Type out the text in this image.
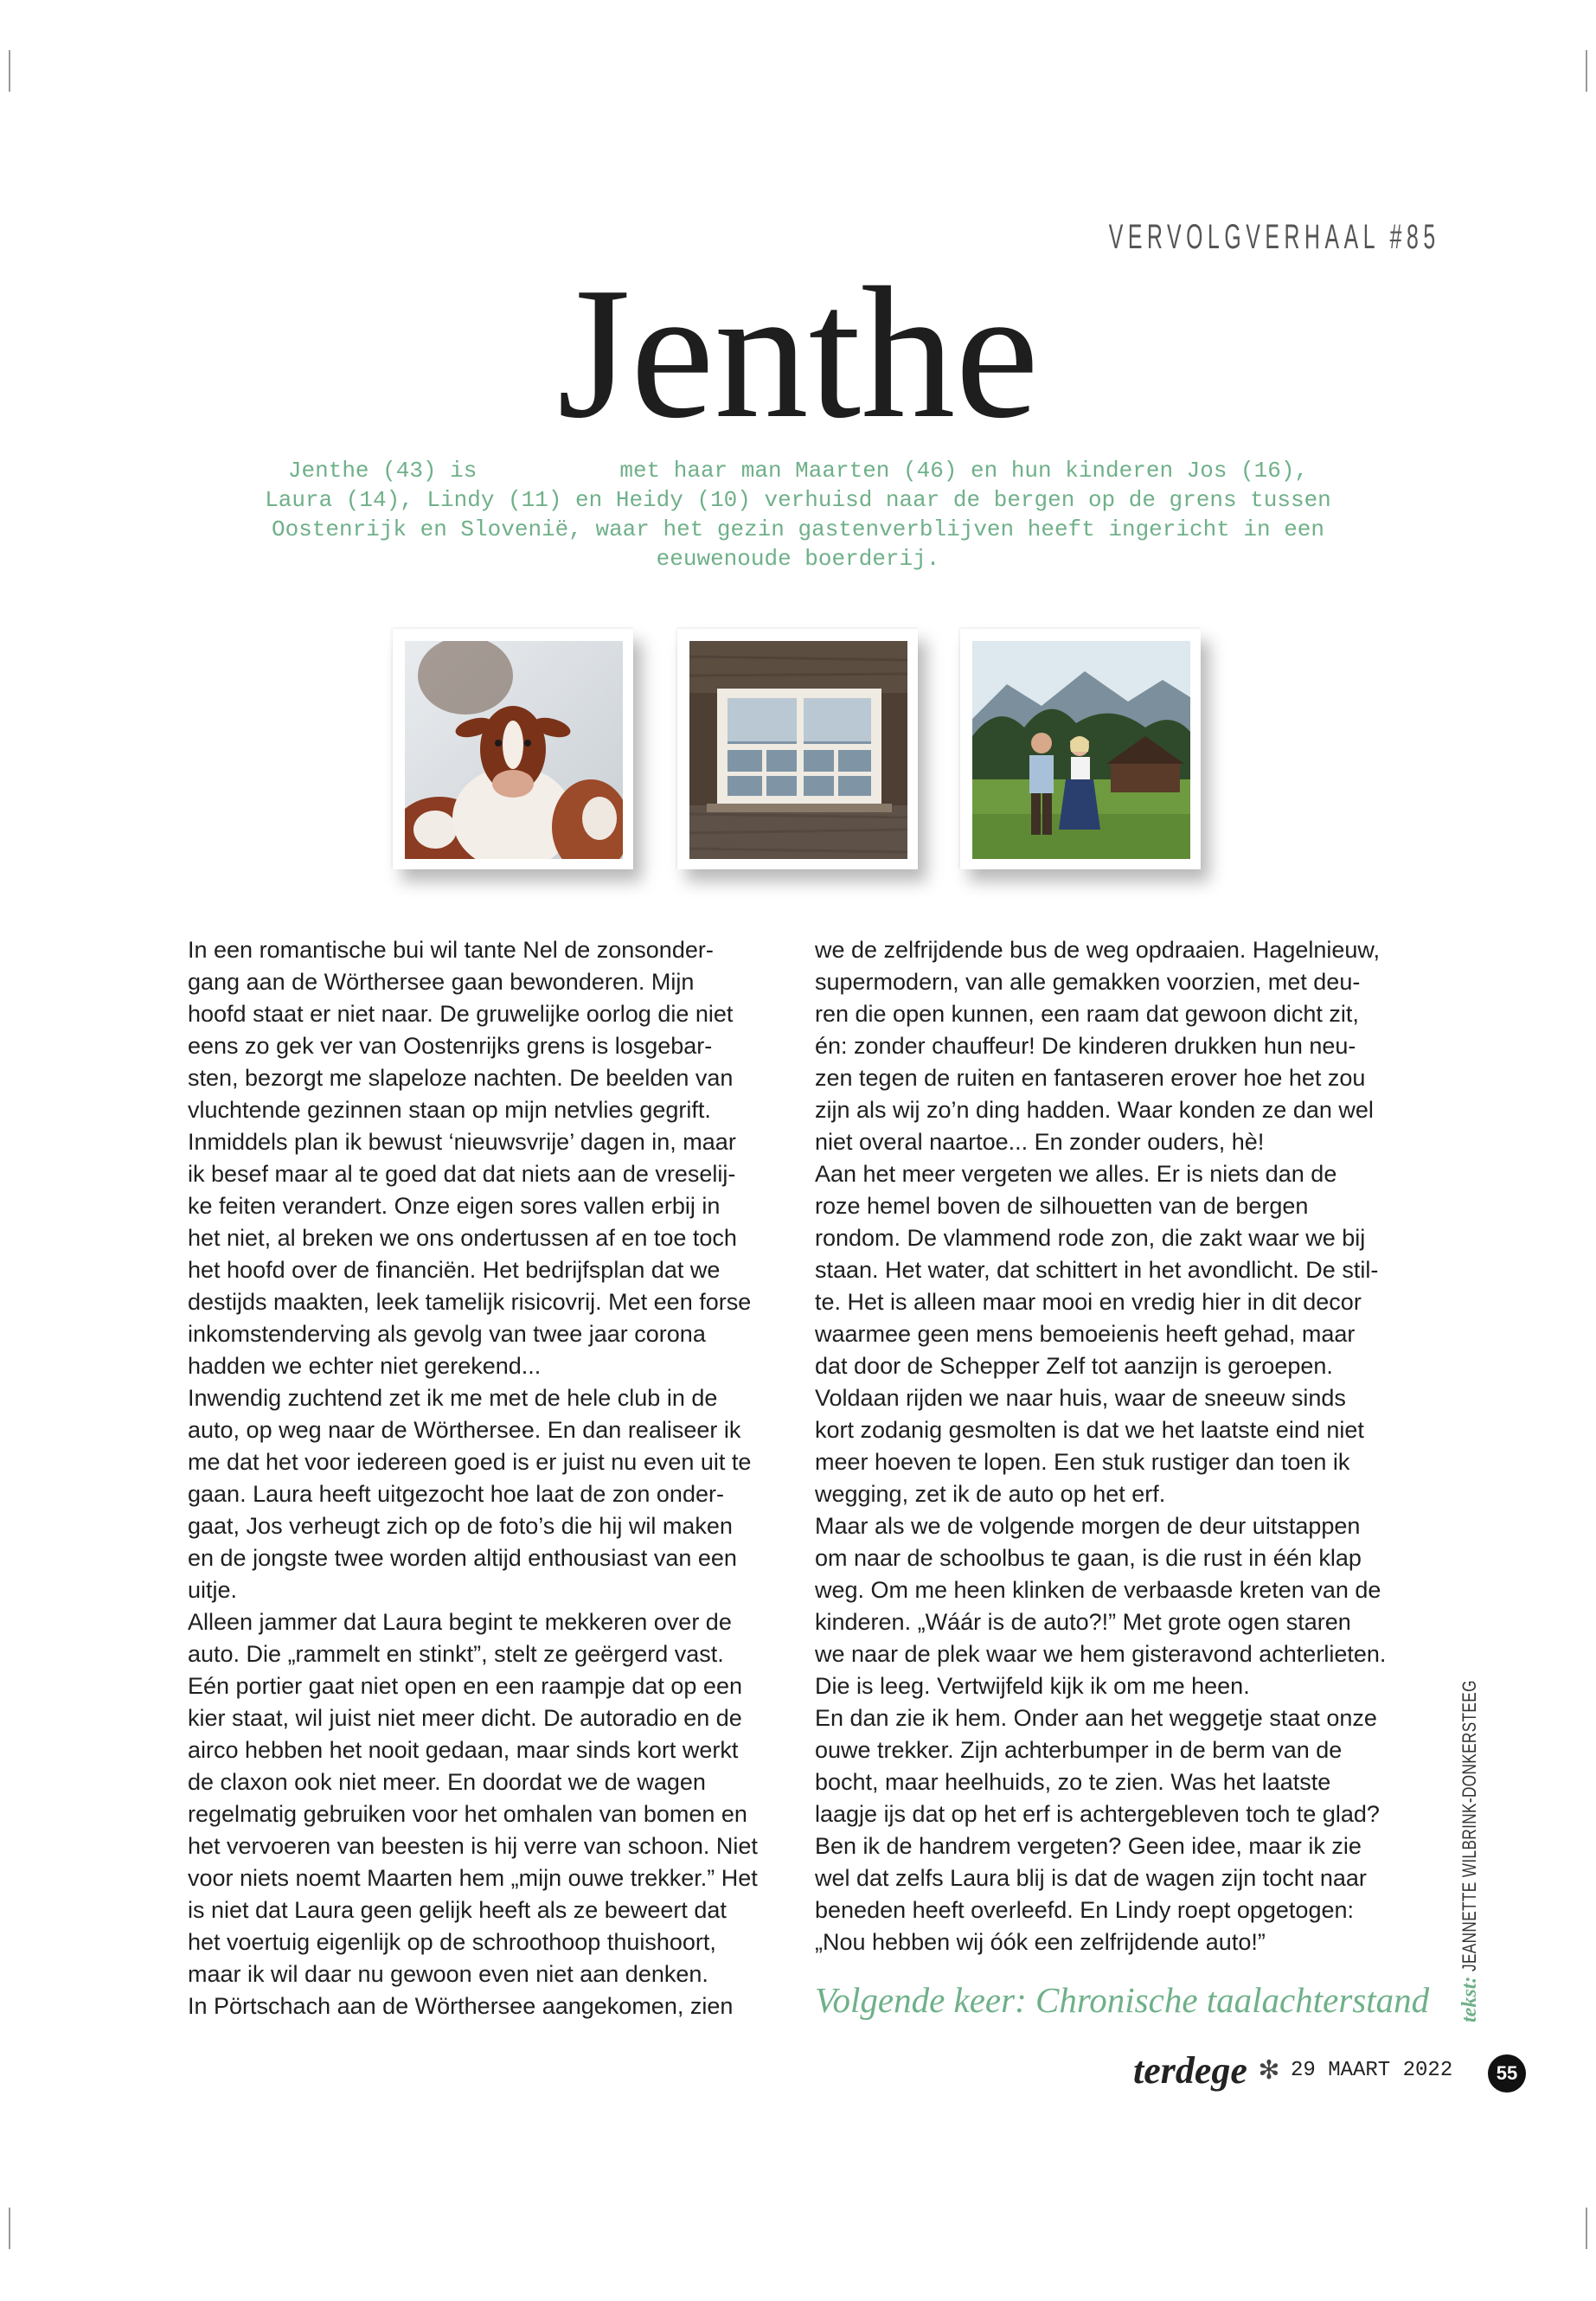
VERVOLGVERHAAL #85
Jenthe
Jenthe (43) is	met haar man Maarten (46) en hun kinderen Jos (16),
Laura (14), Lindy (11) en Heidy (10) verhuisd naar de bergen op de grens tussen
Oostenrijk en Slovenië, waar het gezin gastenverblijven heeft ingericht in een
eeuwenoude boerderij.

In een romantische bui wil tante Nel de zonsonder-

gang aan de Wörthersee gaan bewonderen. Mijn

hoofd staat er niet naar. De gruwelijke oorlog die niet

eens zo gek ver van Oostenrijks grens is losgebar-

sten, bezorgt me slapeloze nachten. De beelden van

vluchtende gezinnen staan op mijn netvlies gegrift.

Inmiddels plan ik bewust ‘nieuwsvrije’ dagen in, maar

ik besef maar al te goed dat dat niets aan de vreselij-

ke feiten verandert. Onze eigen sores vallen erbij in

het niet, al breken we ons ondertussen af en toe toch

het hoofd over de financiën. Het bedrijfsplan dat we

destijds maakten, leek tamelijk risicovrij. Met een forse

inkomstenderving als gevolg van twee jaar corona

hadden we echter niet gerekend...

Inwendig zuchtend zet ik me met de hele club in de

auto, op weg naar de Wörthersee. En dan realiseer ik

me dat het voor iedereen goed is er juist nu even uit te

gaan. Laura heeft uitgezocht hoe laat de zon onder-

gaat, Jos verheugt zich op de foto’s die hij wil maken

en de jongste twee worden altijd enthousiast van een

uitje.

Alleen jammer dat Laura begint te mekkeren over de

auto. Die „rammelt en stinkt”, stelt ze geërgerd vast.

Eén portier gaat niet open en een raampje dat op een

kier staat, wil juist niet meer dicht. De autoradio en de

airco hebben het nooit gedaan, maar sinds kort werkt

de claxon ook niet meer. En doordat we de wagen

regelmatig gebruiken voor het omhalen van bomen en

het vervoeren van beesten is hij verre van schoon. Niet

voor niets noemt Maarten hem „mijn ouwe trekker.” Het

is niet dat Laura geen gelijk heeft als ze beweert dat

het voertuig eigenlijk op de schroothoop thuishoort,

maar ik wil daar nu gewoon even niet aan denken.

In Pörtschach aan de Wörthersee aangekomen, zien

we de zelfrijdende bus de weg opdraaien. Hagelnieuw,

supermodern, van alle gemakken voorzien, met deu-

ren die open kunnen, een raam dat gewoon dicht zit,

én: zonder chauffeur! De kinderen drukken hun neu-

zen tegen de ruiten en fantaseren erover hoe het zou

zijn als wij zo’n ding hadden. Waar konden ze dan wel

niet overal naartoe... En zonder ouders, hè!

Aan het meer vergeten we alles. Er is niets dan de

roze hemel boven de silhouetten van de bergen

rondom. De vlammend rode zon, die zakt waar we bij

staan. Het water, dat schittert in het avondlicht. De stil-

te. Het is alleen maar mooi en vredig hier in dit decor

waarmee geen mens bemoeienis heeft gehad, maar

dat door de Schepper Zelf tot aanzijn is geroepen.

Voldaan rijden we naar huis, waar de sneeuw sinds

kort zodanig gesmolten is dat we het laatste eind niet

meer hoeven te lopen. Een stuk rustiger dan toen ik

wegging, zet ik de auto op het erf.

Maar als we de volgende morgen de deur uitstappen

om naar de schoolbus te gaan, is die rust in één klap

weg. Om me heen klinken de verbaasde kreten van de

kinderen. „Wáár is de auto?!” Met grote ogen staren

we naar de plek waar we hem gisteravond achterlieten.

Die is leeg. Vertwijfeld kijk ik om me heen.

En dan zie ik hem. Onder aan het weggetje staat onze

ouwe trekker. Zijn achterbumper in de berm van de

bocht, maar heelhuids, zo te zien. Was het laatste

laagje ijs dat op het erf is achtergebleven toch te glad?

Ben ik de handrem vergeten? Geen idee, maar ik zie

wel dat zelfs Laura blij is dat de wagen zijn tocht naar

beneden heeft overleefd. En Lindy roept opgetogen:

„Nou hebben wij óók een zelfrijdende auto!”

Volgende keer: Chronische taalachterstand	tekst: JEANNETTE WILBRINK-DONKERSTEEG
terdege ✻ 29 MAART 2022	55
